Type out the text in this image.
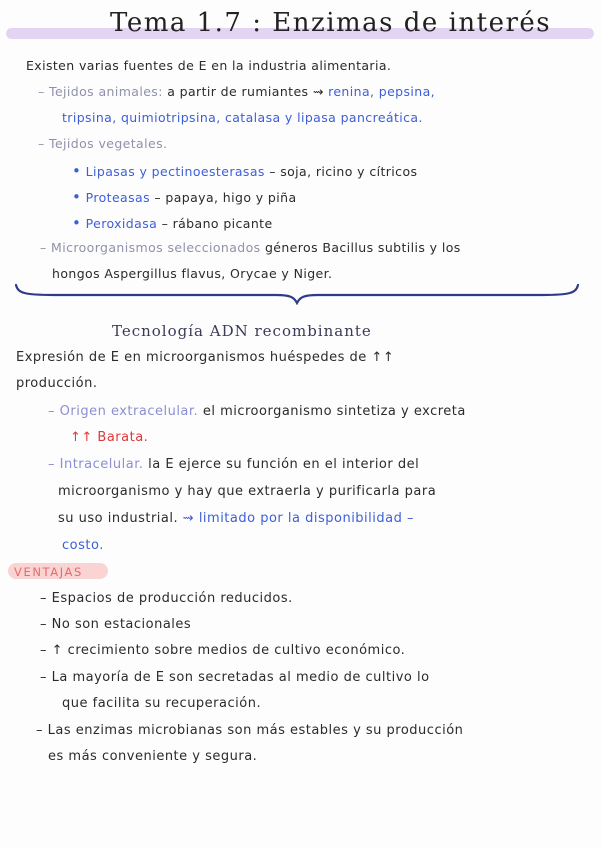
Tema 1.7 : Enzimas de interés
Existen varias fuentes de E en la industria alimentaria.
– Tejidos animales: a partir de rumiantes ⇝ renina, pepsina,
tripsina, quimiotripsina, catalasa y lipasa pancreática.
– Tejidos vegetales.
• Lipasas y pectinoesterasas – soja, ricino y cítricos
• Proteasas – papaya, higo y piña
• Peroxidasa – rábano picante
– Microorganismos seleccionados géneros Bacillus subtilis y los
hongos Aspergillus flavus, Orycae y Niger.
Tecnología ADN recombinante
Expresión de E en microorganismos huéspedes de ↑↑
producción.
– Origen extracelular. el microorganismo sintetiza y excreta
↑↑ Barata.
– Intracelular. la E ejerce su función en el interior del
microorganismo y hay que extraerla y purificarla para
su uso industrial. ⇝ limitado por la disponibilidad –
costo.
VENTAJAS
– Espacios de producción reducidos.
– No son estacionales
– ↑ crecimiento sobre medios de cultivo económico.
– La mayoría de E son secretadas al medio de cultivo lo
que facilita su recuperación.
– Las enzimas microbianas son más estables y su producción
es más conveniente y segura.
